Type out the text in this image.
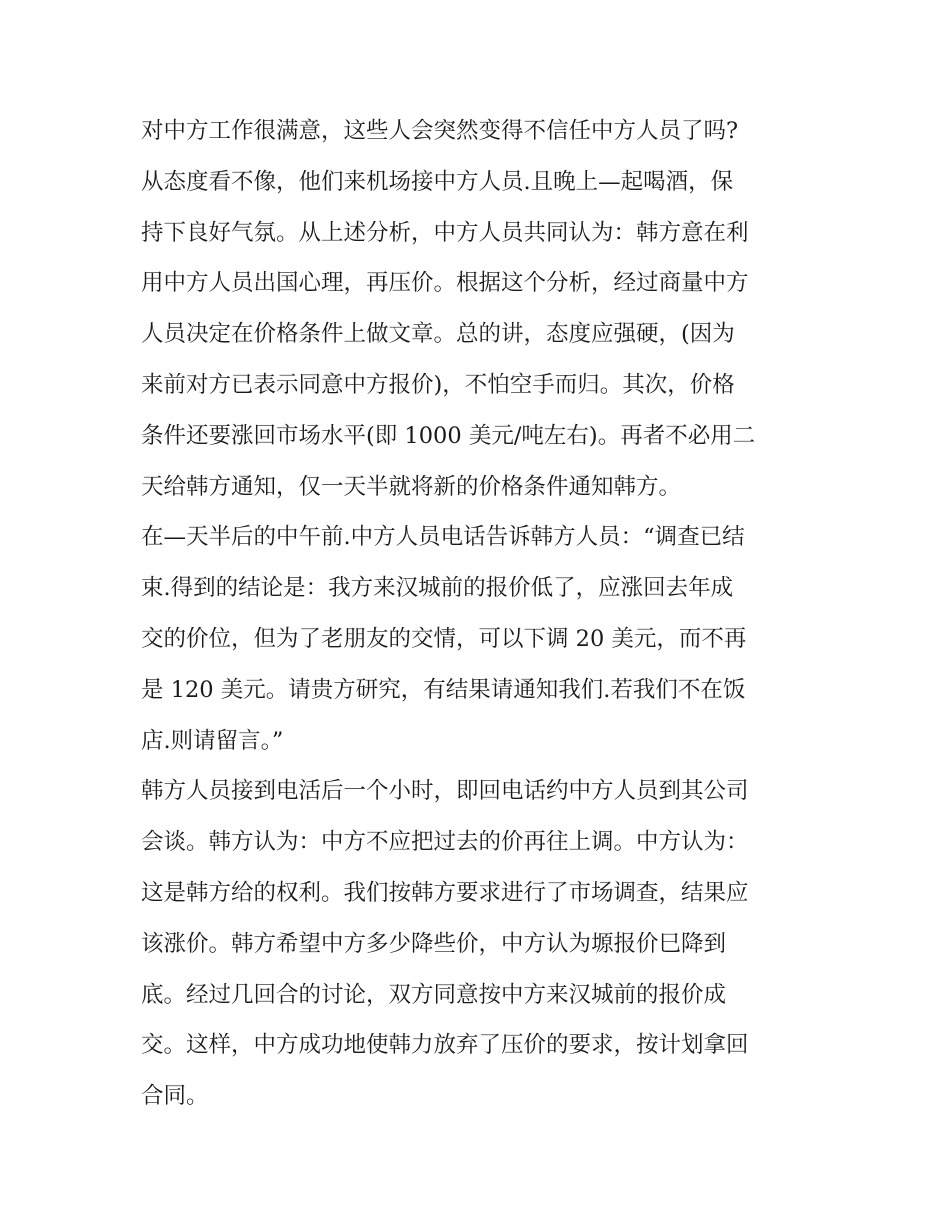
对中方工作很满意，这些人会突然变得不信任中方人员了吗?
从态度看不像，他们来机场接中方人员.且晚上—起喝酒，保
持下良好气氛。从上述分析，中方人员共同认为：韩方意在利
用中方人员出国心理，再压价。根据这个分析，经过商量中方
人员决定在价格条件上做文章。总的讲，态度应强硬，(因为
来前对方已表示同意中方报价)，不怕空手而归。其次，价格
条件还要涨回市场水平(即 1000 美元/吨左右)。再者不必用二
天给韩方通知，仅一天半就将新的价格条件通知韩方。
在—天半后的中午前.中方人员电话告诉韩方人员：“调查已结
束.得到的结论是：我方来汉城前的报价低了，应涨回去年成
交的价位，但为了老朋友的交情，可以下调 20 美元，而不再
是 120 美元。请贵方研究，有结果请通知我们.若我们不在饭
店.则请留言。”
韩方人员接到电活后一个小时，即回电话约中方人员到其公司
会谈。韩方认为：中方不应把过去的价再往上调。中方认为：
这是韩方给的权利。我们按韩方要求进行了市场调查，结果应
该涨价。韩方希望中方多少降些价，中方认为塬报价巳降到
底。经过几回合的讨论，双方同意按中方来汉城前的报价成
交。这样，中方成功地使韩力放弃了压价的要求，按计划拿回
合同。
